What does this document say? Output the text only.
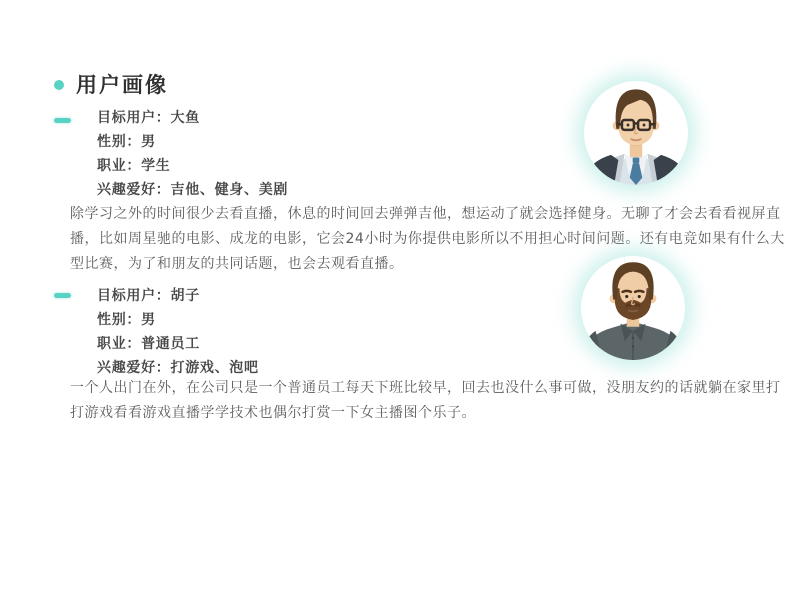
用户画像
目标用户：大鱼
性别：男
职业：学生
兴趣爱好：吉他、健身、美剧

除学习之外的时间很少去看直播，休息的时间回去弹弹吉他，想运动了就会选择健身。无聊了才会去看看视屏直播，比如周星驰的电影、成龙的电影，它会24小时为你提供电影所以不用担心时间问题。还有电竞如果有什么大型比赛，为了和朋友的共同话题，也会去观看直播。

目标用户：胡子
性别：男
职业：普通员工
兴趣爱好：打游戏、泡吧

一个人出门在外，在公司只是一个普通员工每天下班比较早，回去也没什么事可做，没朋友约的话就躺在家里打打游戏看看游戏直播学学技术也偶尔打赏一下女主播图个乐子。
